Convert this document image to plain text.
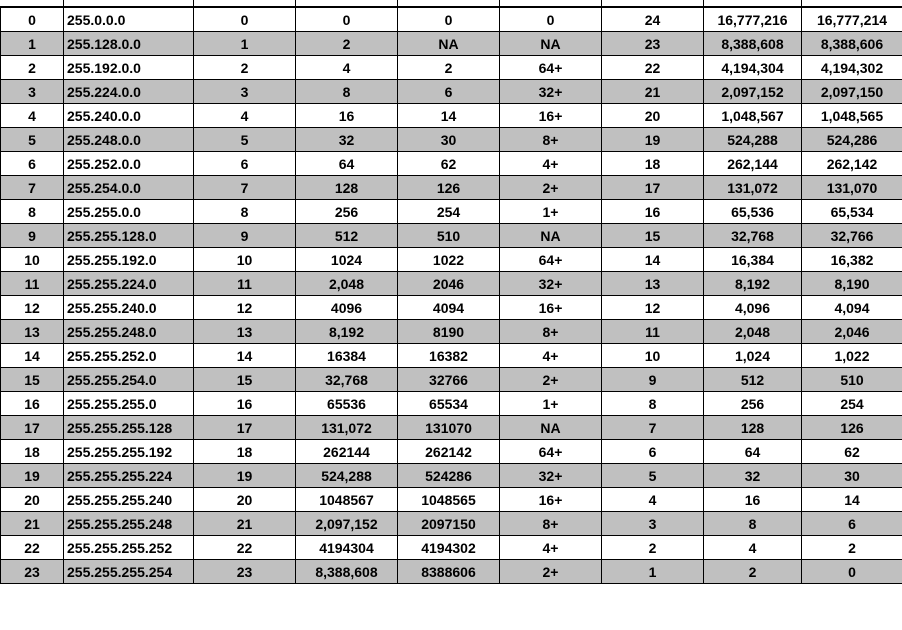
0	255.0.0.0	0	0	0	0	24	16,777,216	16,777,214
1	255.128.0.0	1	2	NA	NA	23	8,388,608	8,388,606
2	255.192.0.0	2	4	2	64+	22	4,194,304	4,194,302
3	255.224.0.0	3	8	6	32+	21	2,097,152	2,097,150
4	255.240.0.0	4	16	14	16+	20	1,048,567	1,048,565
5	255.248.0.0	5	32	30	8+	19	524,288	524,286
6	255.252.0.0	6	64	62	4+	18	262,144	262,142
7	255.254.0.0	7	128	126	2+	17	131,072	131,070
8	255.255.0.0	8	256	254	1+	16	65,536	65,534
9	255.255.128.0	9	512	510	NA	15	32,768	32,766
10	255.255.192.0	10	1024	1022	64+	14	16,384	16,382
11	255.255.224.0	11	2,048	2046	32+	13	8,192	8,190
12	255.255.240.0	12	4096	4094	16+	12	4,096	4,094
13	255.255.248.0	13	8,192	8190	8+	11	2,048	2,046
14	255.255.252.0	14	16384	16382	4+	10	1,024	1,022
15	255.255.254.0	15	32,768	32766	2+	9	512	510
16	255.255.255.0	16	65536	65534	1+	8	256	254
17	255.255.255.128	17	131,072	131070	NA	7	128	126
18	255.255.255.192	18	262144	262142	64+	6	64	62
19	255.255.255.224	19	524,288	524286	32+	5	32	30
20	255.255.255.240	20	1048567	1048565	16+	4	16	14
21	255.255.255.248	21	2,097,152	2097150	8+	3	8	6
22	255.255.255.252	22	4194304	4194302	4+	2	4	2
23	255.255.255.254	23	8,388,608	8388606	2+	1	2	0
